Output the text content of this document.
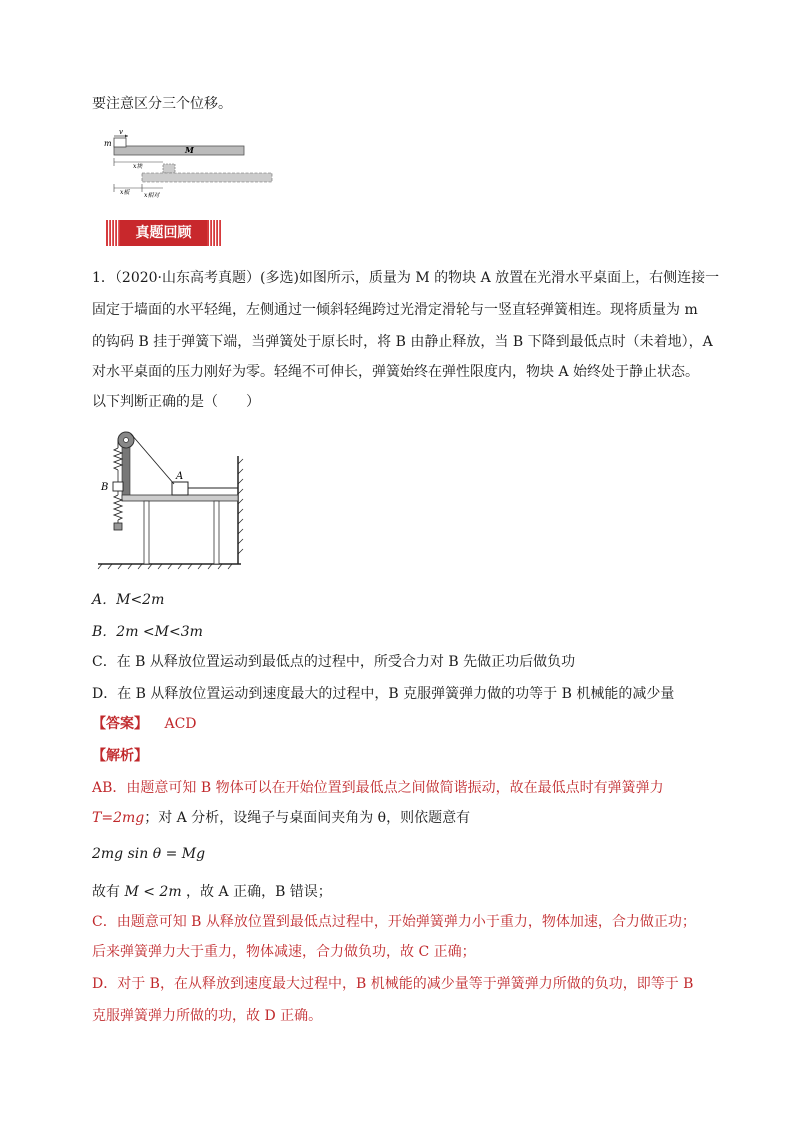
要注意区分三个位移。
m
v
M
x块
x板 x相对
真题回顾
1．（2020·山东高考真题）(多选)如图所示，质量为 M 的物块 A 放置在光滑水平桌面上，右侧连接一
固定于墙面的水平轻绳，左侧通过一倾斜轻绳跨过光滑定滑轮与一竖直轻弹簧相连。现将质量为 m
的钩码 B 挂于弹簧下端，当弹簧处于原长时，将 B 由静止释放，当 B 下降到最低点时（未着地），A
对水平桌面的压力刚好为零。轻绳不可伸长，弹簧始终在弹性限度内，物块 A 始终处于静止状态。
以下判断正确的是（　　）
A
B
A．M<2m
B．2m <M<3m
C．在 B 从释放位置运动到最低点的过程中，所受合力对 B 先做正功后做负功
D．在 B 从释放位置运动到速度最大的过程中，B 克服弹簧弹力做的功等于 B 机械能的减少量
【答案】 ACD
【解析】
AB．由题意可知 B 物体可以在开始位置到最低点之间做简谐振动，故在最低点时有弹簧弹力
T=2mg；对 A 分析，设绳子与桌面间夹角为 θ，则依题意有
2mg sin θ = Mg
故有 M < 2m ，故 A 正确，B 错误；
C．由题意可知 B 从释放位置到最低点过程中，开始弹簧弹力小于重力，物体加速，合力做正功；
后来弹簧弹力大于重力，物体减速，合力做负功，故 C 正确；
D．对于 B，在从释放到速度最大过程中，B 机械能的减少量等于弹簧弹力所做的负功，即等于 B
克服弹簧弹力所做的功，故 D 正确。
